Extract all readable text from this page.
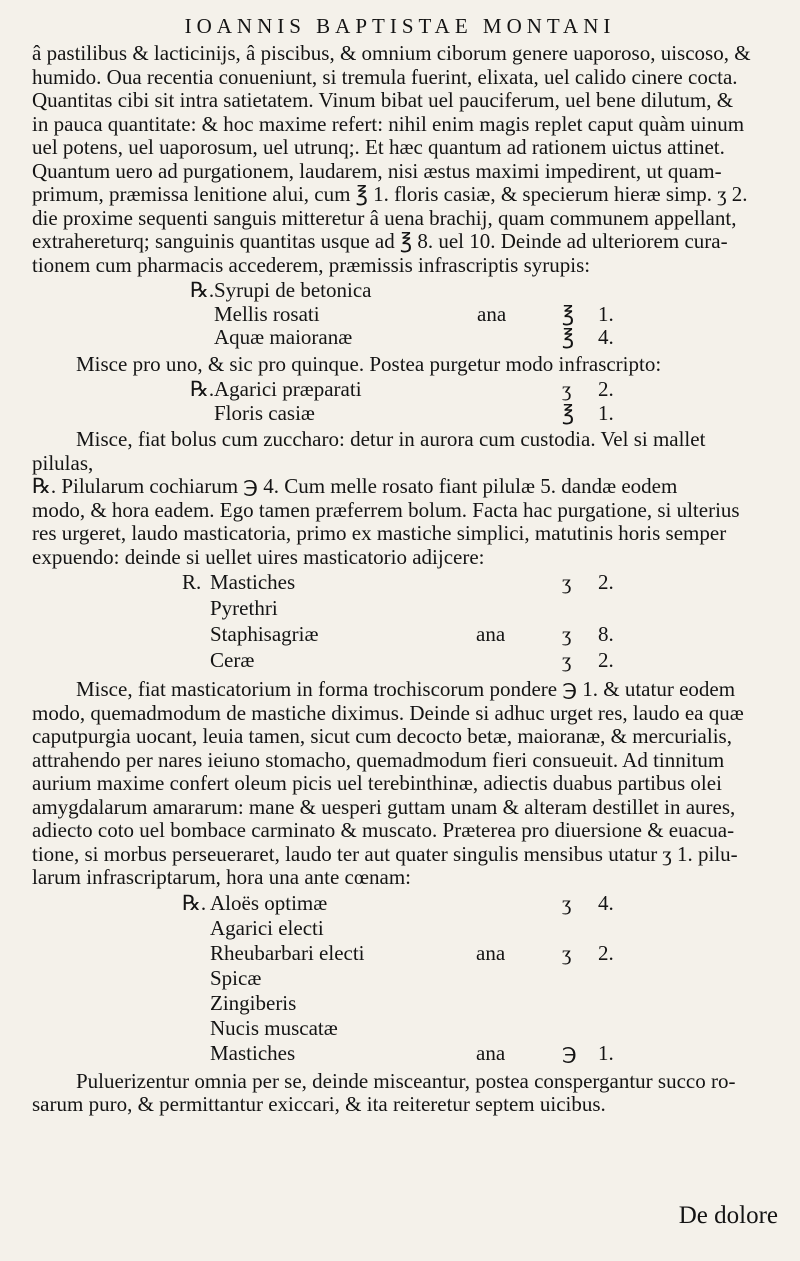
IOANNIS BAPTISTAE MONTANI
â pastilibus & lacticinijs, â piscibus, & omnium ciborum genere uaporoso, uiscoso, &
humido. Oua recentia conueniunt, si tremula fuerint, elixata, uel calido cinere cocta.
Quantitas cibi sit intra satietatem. Vinum bibat uel pauciferum, uel bene dilutum, &
in pauca quantitate: & hoc maxime refert: nihil enim magis replet caput quàm uinum
uel potens, uel uaporosum, uel utrunq;. Et hæc quantum ad rationem uictus attinet.
Quantum uero ad purgationem, laudarem, nisi æstus maximi impedirent, ut quam-
primum, præmissa lenitione alui, cum ℥ 1. floris casiæ, & specierum hieræ simp. ʒ 2.
die proxime sequenti sanguis mitteretur â uena brachij, quam communem appellant,
extrahereturq; sanguinis quantitas usque ad ℥ 8. uel 10. Deinde ad ulteriorem cura-
tionem cum pharmacis accederem, præmissis infrascriptis syrupis:
℞. Syrupi de betonica
Mellis rosati	ana	℥ 1.
Aquæ maioranæ	℥ 4.
Misce pro uno, & sic pro quinque. Postea purgetur modo infrascripto:
℞. Agarici præparati	ʒ 2.
Floris casiæ	℥ 1.
Misce, fiat bolus cum zuccharo: detur in aurora cum custodia. Vel si mallet
pilulas,
℞. Pilularum cochiarum ℈ 4. Cum melle rosato fiant pilulæ 5. dandæ eodem
modo, & hora eadem. Ego tamen præferrem bolum. Facta hac purgatione, si ulterius
res urgeret, laudo masticatoria, primo ex mastiche simplici, matutinis horis semper
expuendo: deinde si uellet uires masticatorio adijcere:
R. Mastiches	ʒ 2.
Pyrethri
Staphisagriæ	ana	ʒ 8.
Ceræ	ʒ 2.
Misce, fiat masticatorium in forma trochiscorum pondere ℈ 1. & utatur eodem
modo, quemadmodum de mastiche diximus. Deinde si adhuc urget res, laudo ea quæ
caputpurgia uocant, leuia tamen, sicut cum decocto betæ, maioranæ, & mercurialis,
attrahendo per nares ieiuno stomacho, quemadmodum fieri consueuit. Ad tinnitum
aurium maxime confert oleum picis uel terebinthinæ, adiectis duabus partibus olei
amygdalarum amararum: mane & uesperi guttam unam & alteram destillet in aures,
adiecto coto uel bombace carminato & muscato. Præterea pro diuersione & euacua-
tione, si morbus perseueraret, laudo ter aut quater singulis mensibus utatur ʒ 1. pilu-
larum infrascriptarum, hora una ante cœnam:
℞. Aloës optimæ	ʒ 4.
Agarici electi
Rheubarbari electi	ana	ʒ 2.
Spicæ
Zingiberis
Nucis muscatæ
Mastiches	ana	℈ 1.
Puluerizentur omnia per se, deinde misceantur, postea conspergantur succo ro-
sarum puro, & permittantur exiccari, & ita reiteretur septem uicibus.
De dolore
